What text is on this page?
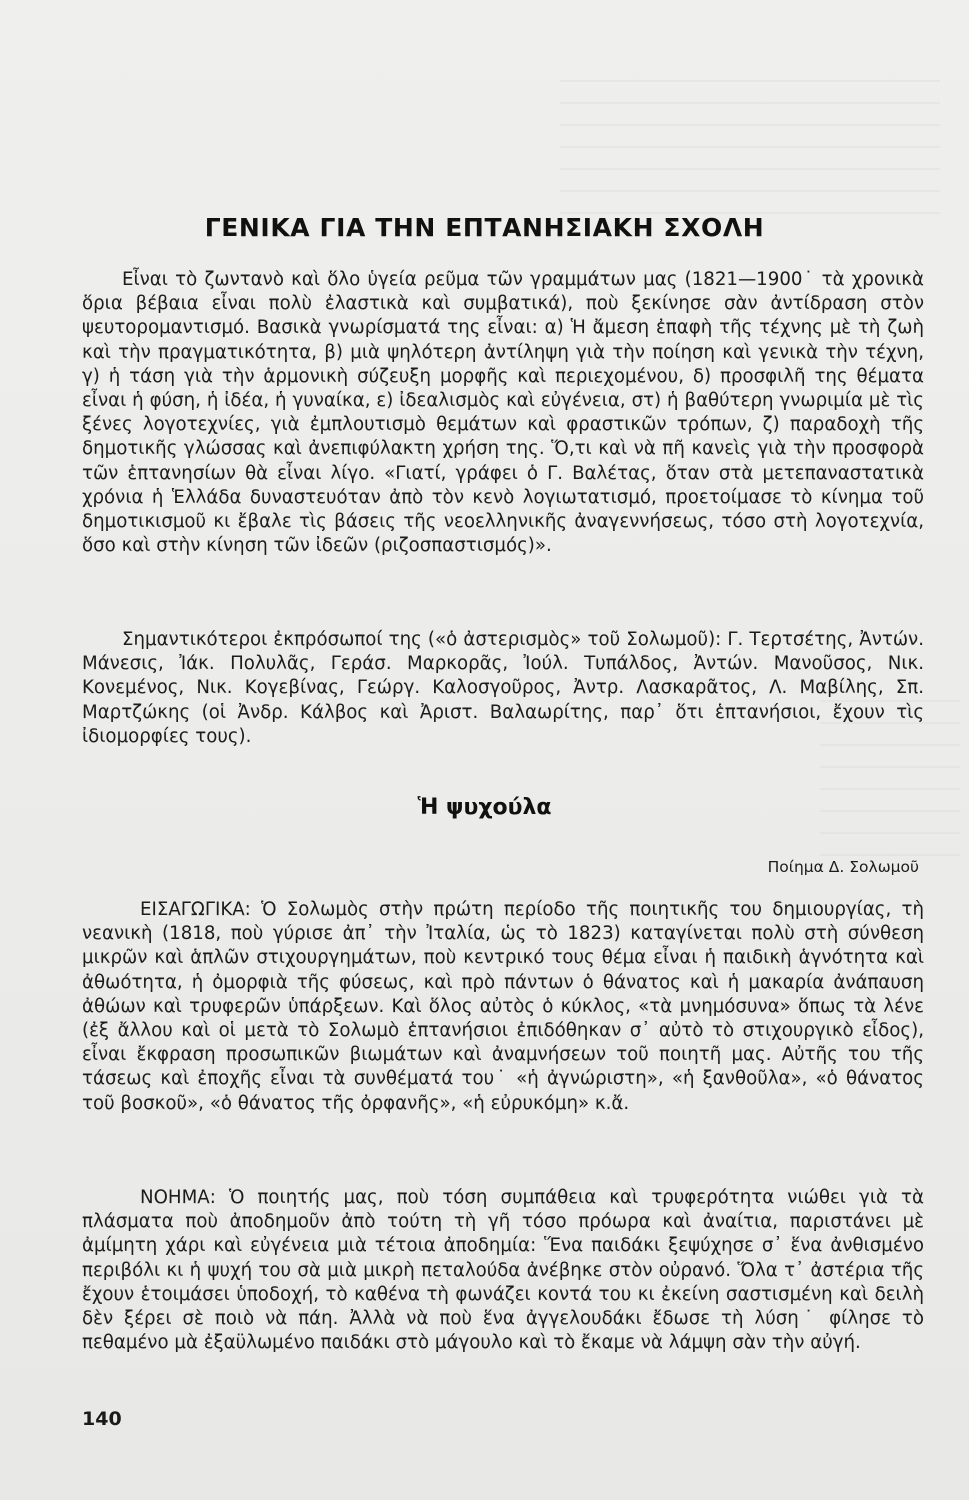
ΓΕΝΙΚΑ ΓΙΑ ΤΗΝ ΕΠΤΑΝΗΣΙΑΚΗ ΣΧΟΛΗ

Εἶναι τὸ ζωντανὸ καὶ ὅλο ὑγεία ρεῦμα τῶν γραμμάτων μας (1821—1900˙ τὰ χρονικὰ ὅρια βέβαια εἶναι πολὺ ἐλαστικὰ καὶ συμβατικά), ποὺ ξεκίνησε σὰν ἀντίδραση στὸν ψευτορομαντισμό. Βασικὰ γνωρίσματά της εἶναι: α) Ἡ ἄμεση ἐπαφὴ τῆς τέχνης μὲ τὴ ζωὴ καὶ τὴν πραγματικότητα, β) μιὰ ψηλότερη ἀντίληψη γιὰ τὴν ποίηση καὶ γενικὰ τὴν τέχνη, γ) ἡ τάση γιὰ τὴν ἁρμονικὴ σύζευξη μορφῆς καὶ περιεχομένου, δ) προσφιλῆ της θέματα εἶναι ἡ φύση, ἡ ἰδέα, ἡ γυναίκα, ε) ἰδεαλισμὸς καὶ εὐγένεια, στ) ἡ βαθύτερη γνωριμία μὲ τὶς ξένες λογοτεχνίες, γιὰ ἐμπλουτισμὸ θεμάτων καὶ φραστικῶν τρόπων, ζ) παραδοχὴ τῆς δημοτικῆς γλώσσας καὶ ἀνεπιφύλακτη χρήση της. Ὅ,τι καὶ νὰ πῆ κανεὶς γιὰ τὴν προσφορὰ τῶν ἑπτανησίων θὰ εἶναι λίγο. «Γιατί, γράφει ὁ Γ. Βαλέτας, ὅταν στὰ μετεπαναστατικὰ χρόνια ἡ Ἑλλάδα δυναστευόταν ἀπὸ τὸν κενὸ λογιωτατισμό, προετοίμασε τὸ κίνημα τοῦ δημοτικισμοῦ κι ἔβαλε τὶς βάσεις τῆς νεοελληνικῆς ἀναγεννήσεως, τόσο στὴ λογοτεχνία, ὅσο καὶ στὴν κίνηση τῶν ἰδεῶν (ριζοσπαστισμός)».

Σημαντικότεροι ἐκπρόσωποί της («ὁ ἀστερισμὸς» τοῦ Σολωμοῦ): Γ. Τερτσέτης, Ἀντών. Μάνεσις, Ἰάκ. Πολυλᾶς, Γεράσ. Μαρκορᾶς, Ἰούλ. Τυπάλδος, Ἀντών. Μανοῦσος, Νικ. Κονεμένος, Νικ. Κογεβίνας, Γεώργ. Καλοσγοῦρος, Ἀντρ. Λασκαρᾶτος, Λ. Μαβίλης, Σπ. Μαρτζώκης (οἱ Ἀνδρ. Κάλβος καὶ Ἀριστ. Βαλαωρίτης, παρ᾿ ὅτι ἑπτανήσιοι, ἔχουν τὶς ἰδιομορφίες τους).

Ἡ ψυχούλα

Ποίημα Δ. Σολωμοῦ

ΕΙΣΑΓΩΓΙΚΑ: Ὁ Σολωμὸς στὴν πρώτη περίοδο τῆς ποιητικῆς του δημιουργίας, τὴ νεανικὴ (1818, ποὺ γύρισε ἀπ᾿ τὴν Ἰταλία, ὡς τὸ 1823) καταγίνεται πολὺ στὴ σύνθεση μικρῶν καὶ ἁπλῶν στιχουργημάτων, ποὺ κεντρικό τους θέμα εἶναι ἡ παιδικὴ ἁγνότητα καὶ ἀθωότητα, ἡ ὀμορφιὰ τῆς φύσεως, καὶ πρὸ πάντων ὁ θάνατος καὶ ἡ μακαρία ἀνάπαυση ἀθώων καὶ τρυφερῶν ὑπάρξεων. Καὶ ὅλος αὐτὸς ὁ κύκλος, «τὰ μνημόσυνα» ὅπως τὰ λένε (ἐξ ἄλλου καὶ οἱ μετὰ τὸ Σολωμὸ ἑπτανήσιοι ἐπιδόθηκαν σ᾿ αὐτὸ τὸ στιχουργικὸ εἶδος), εἶναι ἔκφραση προσωπικῶν βιωμάτων καὶ ἀναμνήσεων τοῦ ποιητῆ μας. Αὐτῆς του τῆς τάσεως καὶ ἐποχῆς εἶναι τὰ συνθέματά του˙ «ἡ ἀγνώριστη», «ἡ ξανθοῦλα», «ὁ θάνατος τοῦ βοσκοῦ», «ὁ θάνατος τῆς ὀρφανῆς», «ἡ εὐρυκόμη» κ.ἄ.

ΝΟΗΜΑ: Ὁ ποιητής μας, ποὺ τόση συμπάθεια καὶ τρυφερότητα νιώθει γιὰ τὰ πλάσματα ποὺ ἀποδημοῦν ἀπὸ τούτη τὴ γῆ τόσο πρόωρα καὶ ἀναίτια, παριστάνει μὲ ἀμίμητη χάρι καὶ εὐγένεια μιὰ τέτοια ἀποδημία: Ἕνα παιδάκι ξεψύχησε σ᾿ ἕνα ἀνθισμένο περιβόλι κι ἡ ψυχή του σὰ μιὰ μικρὴ πεταλούδα ἀνέβηκε στὸν οὐρανό. Ὅλα τ᾿ ἀστέρια τῆς ἔχουν ἑτοιμάσει ὑποδοχή, τὸ καθένα τὴ φωνάζει κοντά του κι ἐκείνη σαστισμένη καὶ δειλὴ δὲν ξέρει σὲ ποιὸ νὰ πάη. Ἀλλὰ νὰ ποὺ ἕνα ἀγγελουδάκι ἔδωσε τὴ λύση˙ φίλησε τὸ πεθαμένο μὰ ἐξαϋλωμένο παιδάκι στὸ μάγουλο καὶ τὸ ἔκαμε νὰ λάμψη σὰν τὴν αὐγή.

140
